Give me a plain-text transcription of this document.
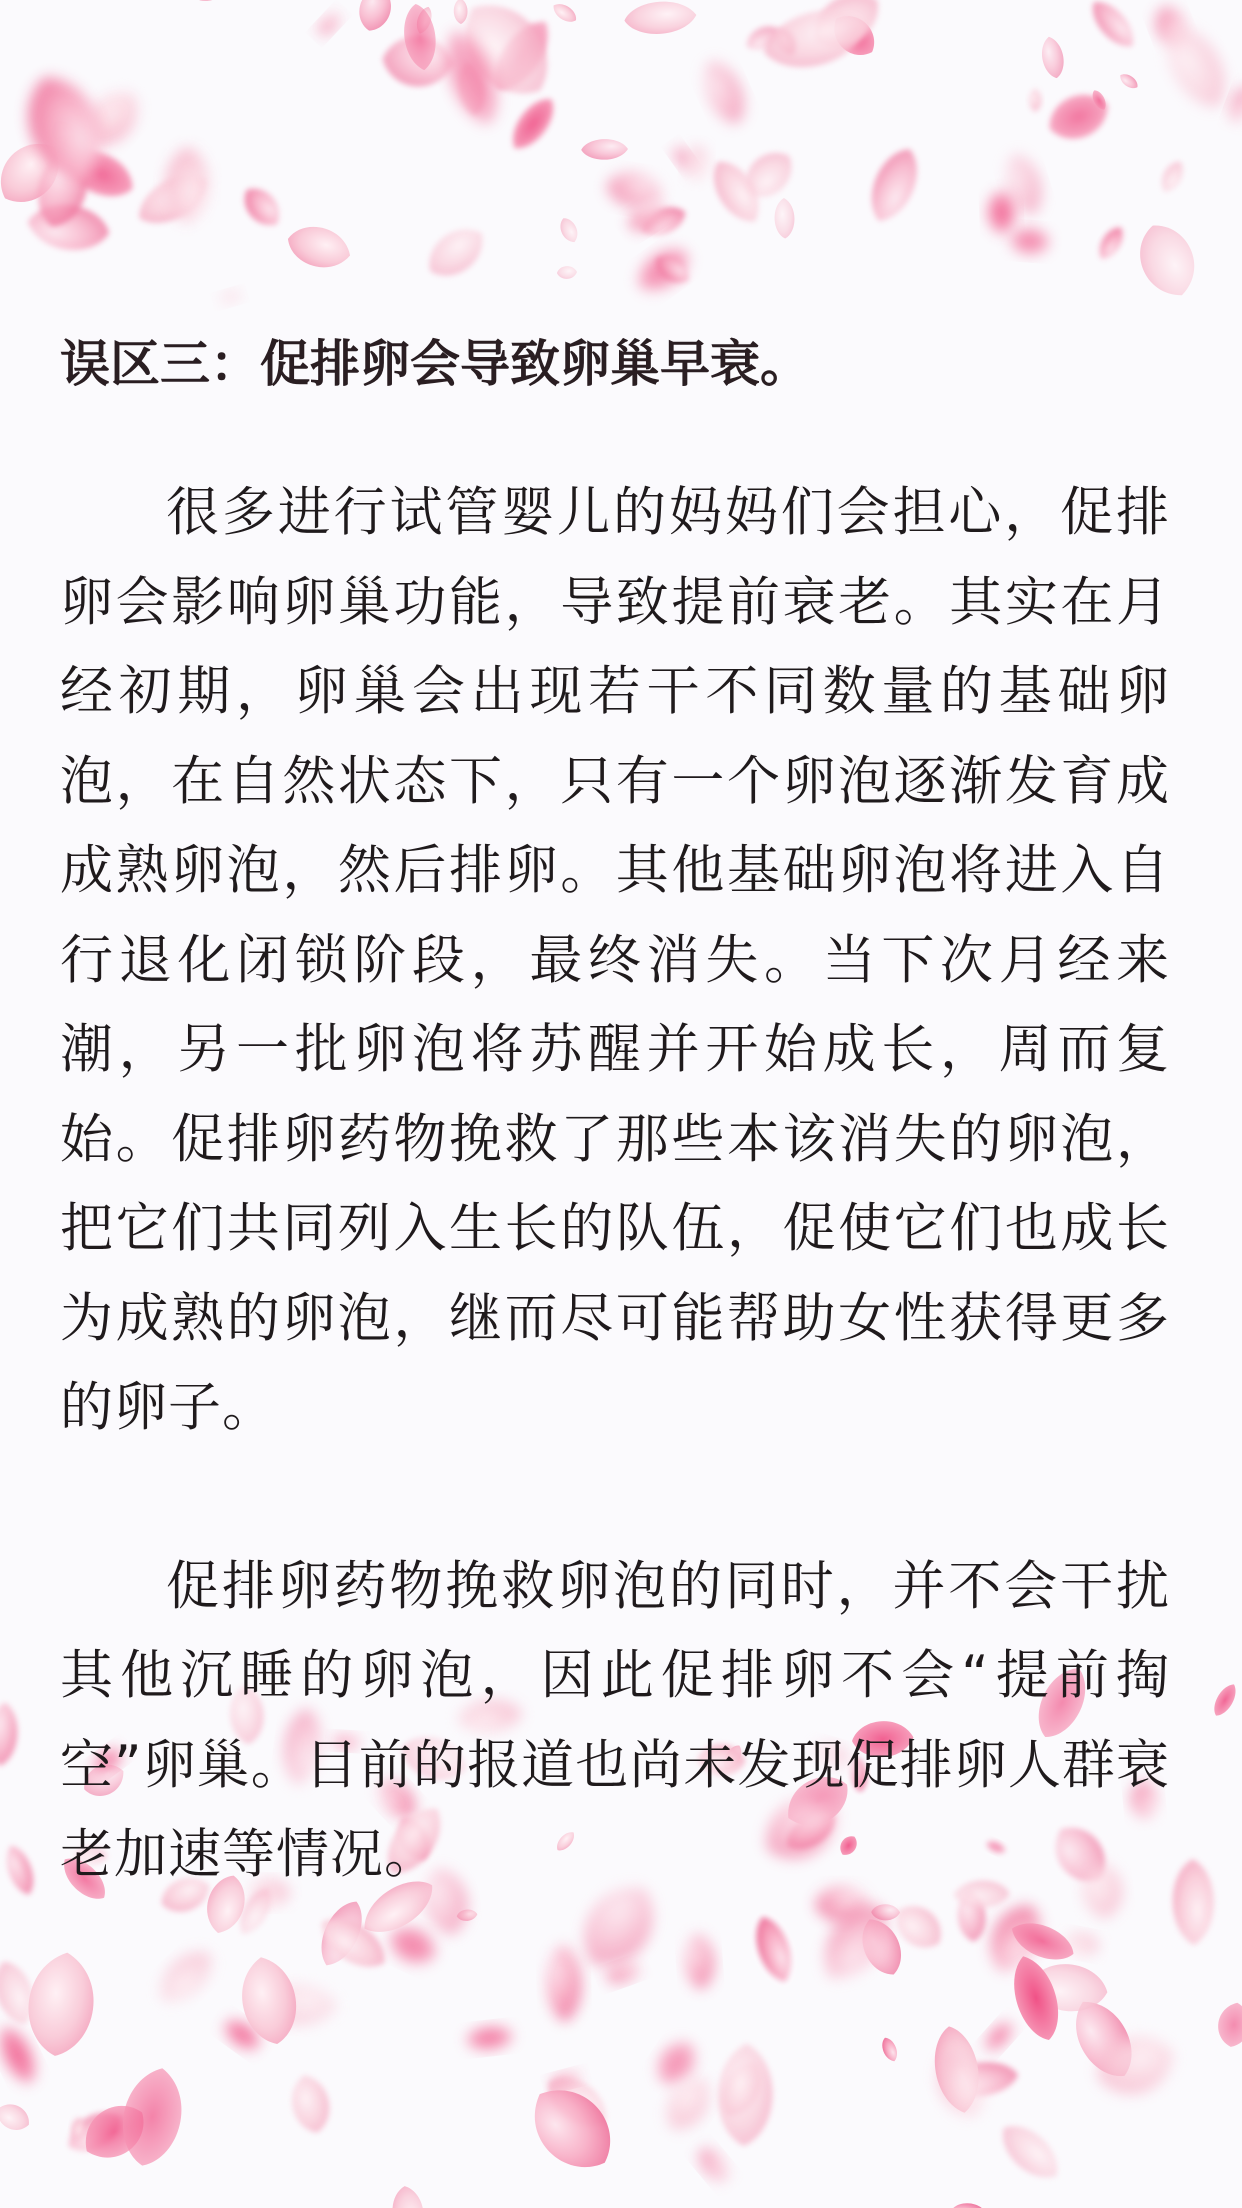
误区三：促排卵会导致卵巢早衰。

很多进行试管婴儿的妈妈们会担心，促排卵会影响卵巢功能，导致提前衰老。其实在月经初期，卵巢会出现若干不同数量的基础卵泡，在自然状态下，只有一个卵泡逐渐发育成成熟卵泡，然后排卵。其他基础卵泡将进入自行退化闭锁阶段，最终消失。当下次月经来潮，另一批卵泡将苏醒并开始成长，周而复始。促排卵药物挽救了那些本该消失的卵泡，把它们共同列入生长的队伍，促使它们也成长为成熟的卵泡，继而尽可能帮助女性获得更多的卵子。

促排卵药物挽救卵泡的同时，并不会干扰其他沉睡的卵泡，因此促排卵不会“提前掏空”卵巢。目前的报道也尚未发现促排卵人群衰老加速等情况。
